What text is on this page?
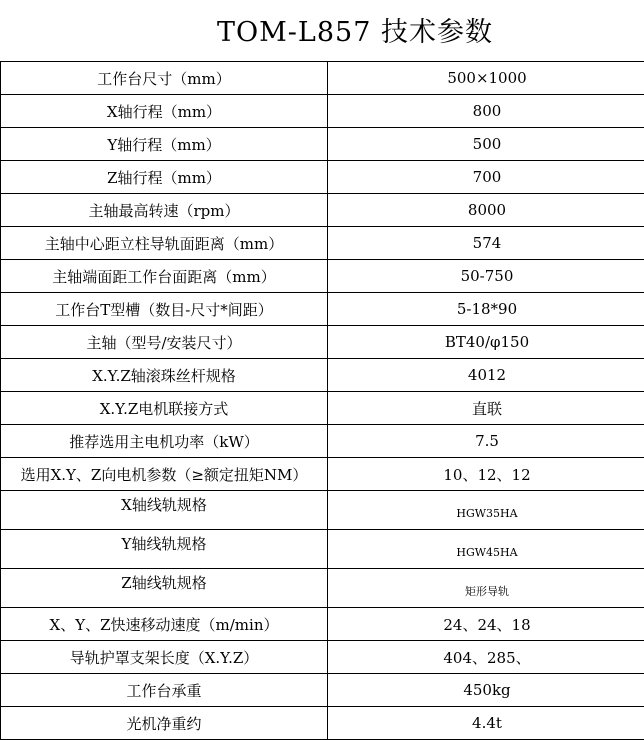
TOM-L857 技术参数
工作台尺寸（mm）	500×1000
X轴行程（mm）	800
Y轴行程（mm）	500
Z轴行程（mm）	700
主轴最高转速（rpm）	8000
主轴中心距立柱导轨面距离（mm）	574
主轴端面距工作台面距离（mm）	50-750
工作台T型槽（数目-尺寸*间距）	5-18*90
主轴（型号/安装尺寸）	BT40/φ150
X.Y.Z轴滚珠丝杆规格	4012
X.Y.Z电机联接方式	直联
推荐选用主电机功率（kW）	7.5
选用X.Y、Z向电机参数（≥额定扭矩NM）	10、12、12
X轴线轨规格	HGW35HA
Y轴线轨规格	HGW45HA
Z轴线轨规格	矩形导轨
X、Y、Z快速移动速度（m/min）	24、24、18
导轨护罩支架长度（X.Y.Z）	404、285、
工作台承重	450kg
光机净重约	4.4t
